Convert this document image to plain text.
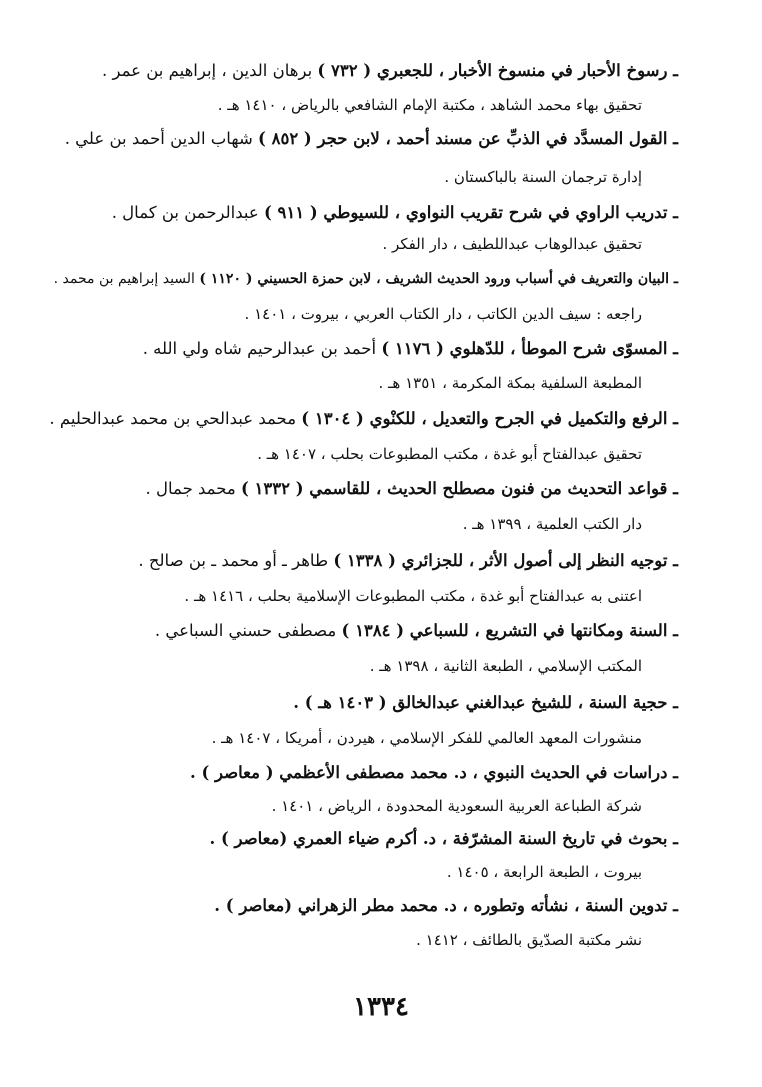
ـ رسوخ الأحبار في منسوخ الأخبار ، للجعبري ( ٧٣٢ ) برهان الدين ، إبراهيم بن عمر .
تحقيق بهاء محمد الشاهد ، مكتبة الإمام الشافعي بالرياض ، ١٤١٠ هـ .
ـ القول المسدَّد في الذبِّ عن مسند أحمد ، لابن حجر ( ٨٥٢ ) شهاب الدين أحمد بن علي .
إدارة ترجمان السنة بالباكستان .
ـ تدريب الراوي في شرح تقريب النواوي ، للسيوطي ( ٩١١ ) عبدالرحمن بن كمال .
تحقيق عبدالوهاب عبداللطيف ، دار الفكر .
ـ البيان والتعريف في أسباب ورود الحديث الشريف ، لابن حمزة الحسيني ( ١١٢٠ ) السيد إبراهيم بن محمد .
راجعه : سيف الدين الكاتب ، دار الكتاب العربي ، بيروت ، ١٤٠١ .
ـ المسوّى شرح الموطأ ، للدّهلوي ( ١١٧٦ ) أحمد بن عبدالرحيم شاه ولي الله .
المطبعة السلفية بمكة المكرمة ، ١٣٥١ هـ .
ـ الرفع والتكميل في الجرح والتعديل ، للكنْوي ( ١٣٠٤ ) محمد عبدالحي بن محمد عبدالحليم .
تحقيق عبدالفتاح أبو غدة ، مكتب المطبوعات بحلب ، ١٤٠٧ هـ .
ـ قواعد التحديث من فنون مصطلح الحديث ، للقاسمي ( ١٣٣٢ ) محمد جمال .
دار الكتب العلمية ، ١٣٩٩ هـ .
ـ توجيه النظر إلى أصول الأثر ، للجزائري ( ١٣٣٨ ) طاهر ـ أو محمد ـ بن صالح .
اعتنى به عبدالفتاح أبو غدة ، مكتب المطبوعات الإسلامية بحلب ، ١٤١٦ هـ .
ـ السنة ومكانتها في التشريع ، للسباعي ( ١٣٨٤ ) مصطفى حسني السباعي .
المكتب الإسلامي ، الطبعة الثانية ، ١٣٩٨ هـ .
ـ حجية السنة ، للشيخ عبدالغني عبدالخالق ( ١٤٠٣ هـ ) .
منشورات المعهد العالمي للفكر الإسلامي ، هيردن ، أمريكا ، ١٤٠٧ هـ .
ـ دراسات في الحديث النبوي ، د. محمد مصطفى الأعظمي ( معاصر ) .
شركة الطباعة العربية السعودية المحدودة ، الرياض ، ١٤٠١ .
ـ بحوث في تاريخ السنة المشرّفة ، د. أكرم ضياء العمري (معاصر ) .
بيروت ، الطبعة الرابعة ، ١٤٠٥ .
ـ تدوين السنة ، نشأته وتطوره ، د. محمد مطر الزهراني (معاصر ) .
نشر مكتبة الصدّيق بالطائف ، ١٤١٢ .
١٣٣٤
